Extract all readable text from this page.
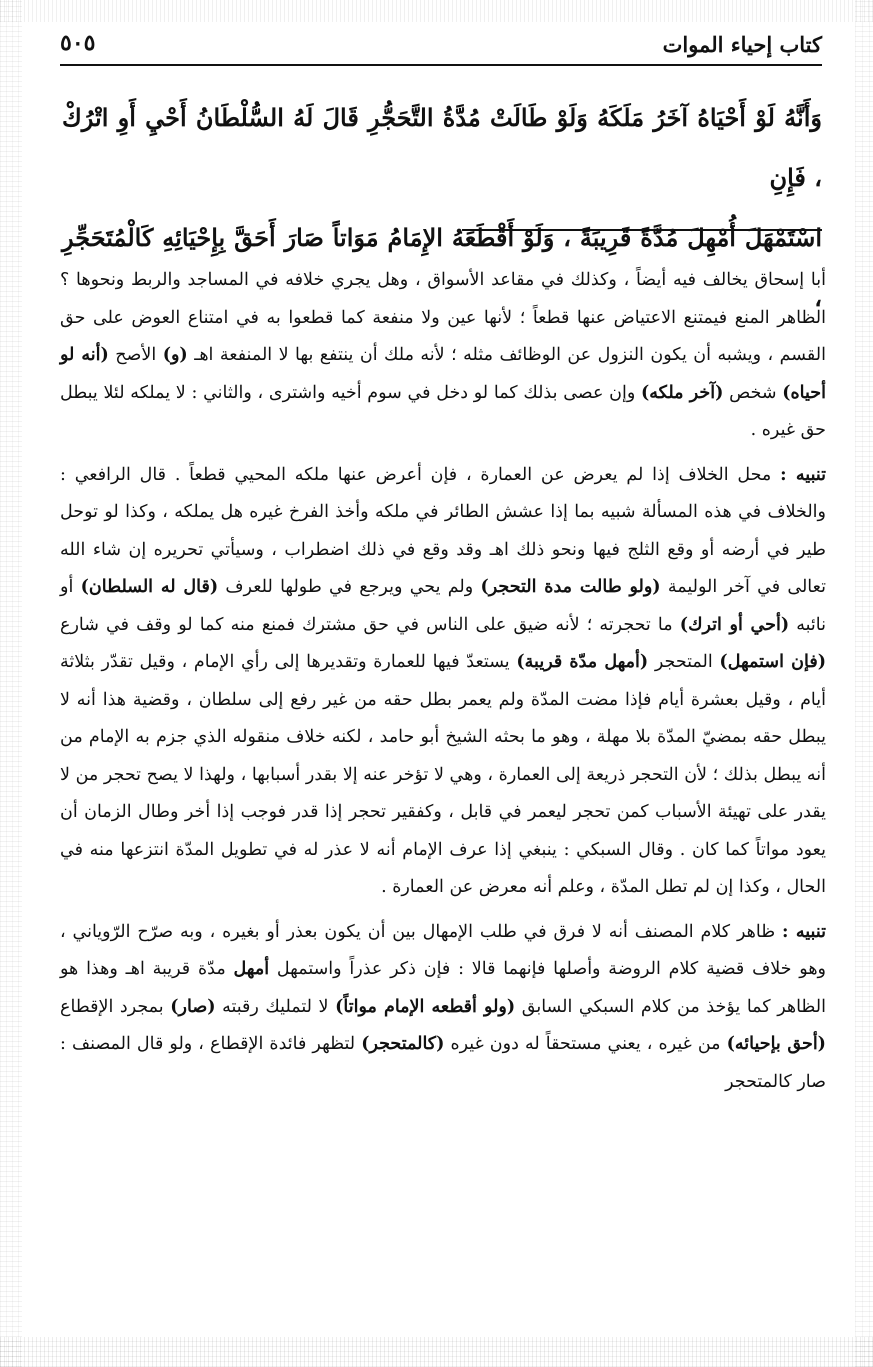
كتاب إحياء الموات
٥٠٥

وَأَنَّهُ لَوْ أَحْيَاهُ آخَرُ مَلَكَهُ وَلَوْ طَالَتْ مُدَّةُ التَّحَجُّرِ قَالَ لَهُ السُّلْطَانُ أَحْيِ أَوِ اتْرُكْ ، فَإِنِ

اسْتَمْهَلَ أُمْهِلَ مُدَّةً قَرِيبَةً ، وَلَوْ أَقْطَعَهُ الإِمَامُ مَوَاتاً صَارَ أَحَقَّ بِإِحْيَائِهِ كَالْمُتَحَجِّرِ ،

أبا إسحاق يخالف فيه أيضاً ، وكذلك في مقاعد الأسواق ، وهل يجري خلافه في المساجد والربط ونحوها ؟ الظاهر المنع فيمتنع الاعتياض عنها قطعاً ؛ لأنها عين ولا منفعة كما قطعوا به في امتناع العوض على حق القسم ، ويشبه أن يكون النزول عن الوظائف مثله ؛ لأنه ملك أن ينتفع بها لا المنفعة اهـ (و) الأصح (أنه لو أحياه) شخص (آخر ملكه) وإن عصى بذلك كما لو دخل في سوم أخيه واشترى ، والثاني : لا يملكه لئلا يبطل حق غيره .

تنبيه : محل الخلاف إذا لم يعرض عن العمارة ، فإن أعرض عنها ملكه المحيي قطعاً . قال الرافعي : والخلاف في هذه المسألة شبيه بما إذا عشش الطائر في ملكه وأخذ الفرخ غيره هل يملكه ، وكذا لو توحل طير في أرضه أو وقع الثلج فيها ونحو ذلك اهـ وقد وقع في ذلك اضطراب ، وسيأتي تحريره إن شاء الله تعالى في آخر الوليمة (ولو طالت مدة التحجر) ولم يحي ويرجع في طولها للعرف (قال له السلطان) أو نائبه (أحي أو اترك) ما تحجرته ؛ لأنه ضيق على الناس في حق مشترك فمنع منه كما لو وقف في شارع (فإن استمهل) المتحجر (أمهل مدّة قريبة) يستعدّ فيها للعمارة وتقديرها إلى رأي الإمام ، وقيل تقدّر بثلاثة أيام ، وقيل بعشرة أيام فإذا مضت المدّة ولم يعمر بطل حقه من غير رفع إلى سلطان ، وقضية هذا أنه لا يبطل حقه بمضيّ المدّة بلا مهلة ، وهو ما بحثه الشيخ أبو حامد ، لكنه خلاف منقوله الذي جزم به الإمام من أنه يبطل بذلك ؛ لأن التحجر ذريعة إلى العمارة ، وهي لا تؤخر عنه إلا بقدر أسبابها ، ولهذا لا يصح تحجر من لا يقدر على تهيئة الأسباب كمن تحجر ليعمر في قابل ، وكفقير تحجر إذا قدر فوجب إذا أخر وطال الزمان أن يعود مواتاً كما كان . وقال السبكي : ينبغي إذا عرف الإمام أنه لا عذر له في تطويل المدّة انتزعها منه في الحال ، وكذا إن لم تطل المدّة ، وعلم أنه معرض عن العمارة .

تنبيه : ظاهر كلام المصنف أنه لا فرق في طلب الإمهال بين أن يكون بعذر أو بغيره ، وبه صرّح الرّوياني ، وهو خلاف قضية كلام الروضة وأصلها فإنهما قالا : فإن ذكر عذراً واستمهل أمهل مدّة قريبة اهـ وهذا هو الظاهر كما يؤخذ من كلام السبكي السابق (ولو أقطعه الإمام مواتاً) لا لتمليك رقبته (صار) بمجرد الإقطاع (أحق بإحيائه) من غيره ، يعني مستحقاً له دون غيره (كالمتحجر) لتظهر فائدة الإقطاع ، ولو قال المصنف : صار كالمتحجر
